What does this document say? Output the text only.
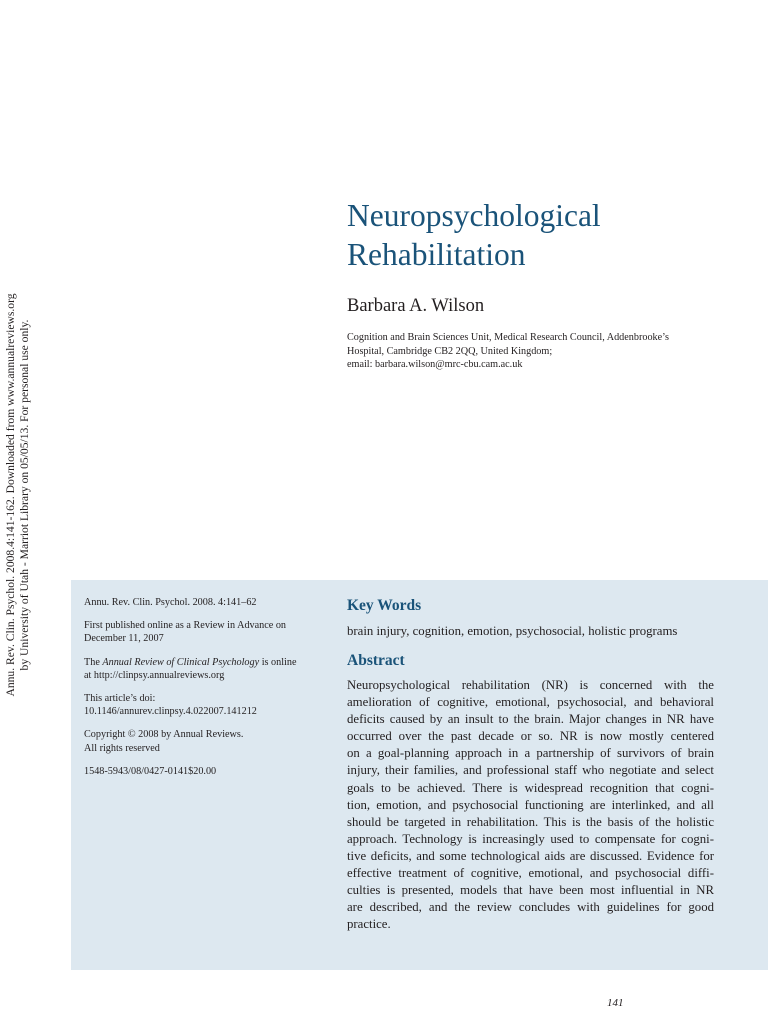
Annu. Rev. Clin. Psychol. 2008.4:141-162. Downloaded from www.annualreviews.org by University of Utah - Marriot Library on 05/05/13. For personal use only.
Neuropsychological
Rehabilitation
Barbara A. Wilson
Cognition and Brain Sciences Unit, Medical Research Council, Addenbrooke’s
Hospital, Cambridge CB2 2QQ, United Kingdom;
email: barbara.wilson@mrc-cbu.cam.ac.uk

Annu. Rev. Clin. Psychol. 2008. 4:141–62

First published online as a Review in Advance on
December 11, 2007

The Annual Review of Clinical Psychology is online
at http://clinpsy.annualreviews.org

This article’s doi:
10.1146/annurev.clinpsy.4.022007.141212

Copyright © 2008 by Annual Reviews.
All rights reserved

1548-5943/08/0427-0141$20.00

Key Words
brain injury, cognition, emotion, psychosocial, holistic programs
Abstract
Neuropsychological rehabilitation (NR) is concerned with the
amelioration of cognitive, emotional, psychosocial, and behavioral
deficits caused by an insult to the brain. Major changes in NR have
occurred over the past decade or so. NR is now mostly centered
on a goal-planning approach in a partnership of survivors of brain
injury, their families, and professional staff who negotiate and select
goals to be achieved. There is widespread recognition that cogni-
tion, emotion, and psychosocial functioning are interlinked, and all
should be targeted in rehabilitation. This is the basis of the holistic
approach. Technology is increasingly used to compensate for cogni-
tive deficits, and some technological aids are discussed. Evidence for
effective treatment of cognitive, emotional, and psychosocial diffi-
culties is presented, models that have been most influential in NR
are described, and the review concludes with guidelines for good
practice.
141
